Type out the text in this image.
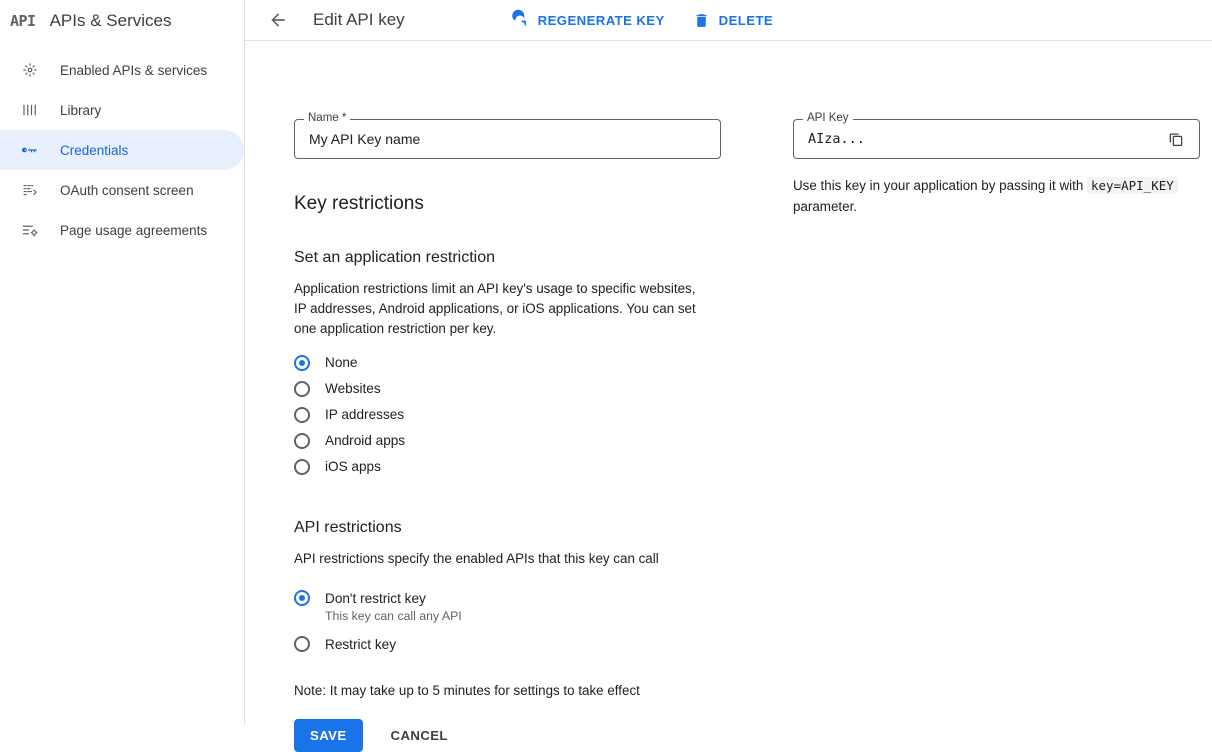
API APIs & Services
Enabled APIs & services
Library
Credentials
OAuth consent screen
Page usage agreements
Edit API key	REGENERATE KEY	DELETE
Name *
My API Key name
Key restrictions
Set an application restriction

Application restrictions limit an API key's usage to specific websites, IP addresses, Android applications, or iOS applications. You can set one application restriction per key.

None
Websites
IP addresses
Android apps
iOS apps
API restrictions

API restrictions specify the enabled APIs that this key can call

Don't restrict key
This key can call any API
Restrict key
Note: It may take up to 5 minutes for settings to take effect
SAVE	CANCEL
API Key
AIza...
Use this key in your application by passing it with key=API_KEY parameter.
